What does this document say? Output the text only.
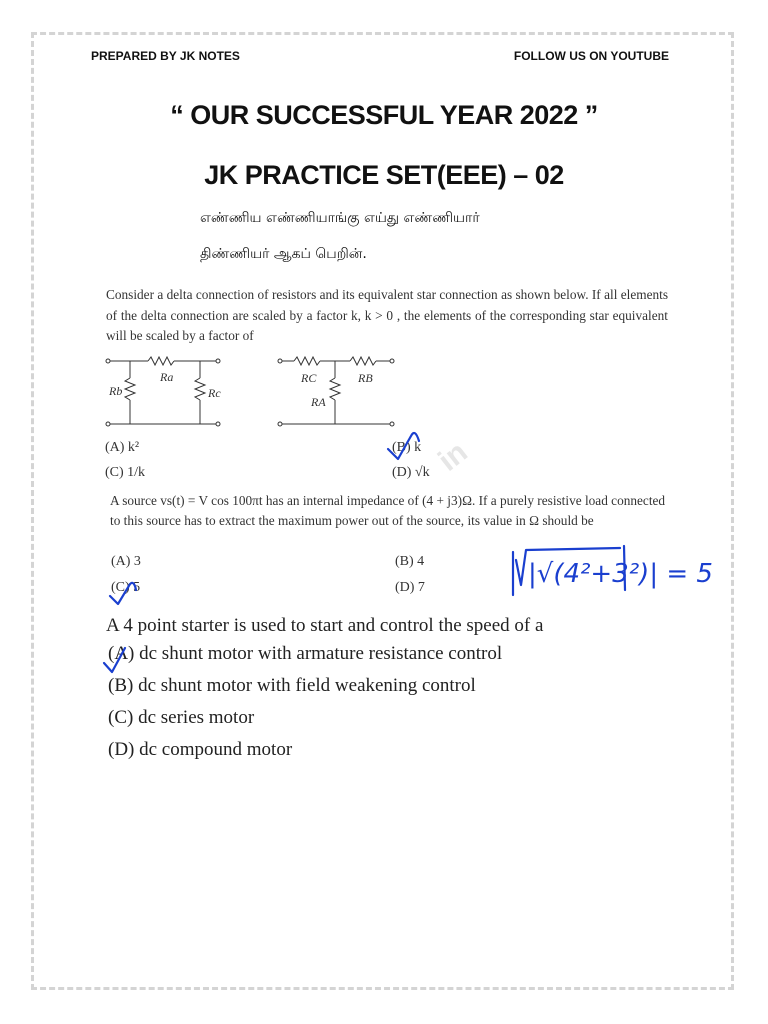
PREPARED BY JK NOTES	FOLLOW US ON YOUTUBE
“ OUR SUCCESSFUL YEAR 2022 ”
JK PRACTICE SET(EEE) – 02
எண்ணிய எண்ணியாங்கு எய்து எண்ணியார்
திண்ணியர் ஆகப் பெறின்.
in
Consider a delta connection of resistors and its equivalent star connection as shown below. If all elements of the delta connection are scaled by a factor k, k > 0 , the elements of the corresponding star equivalent will be scaled by a factor of
Ra
Rb	Rc
RC	RB
RA
(A) k²	(B) k
(C) 1/k	(D) √k
A source vs(t) = V cos 100πt has an internal impedance of (4 + j3)Ω. If a purely resistive load connected to this source has to extract the maximum power out of the source, its value in Ω should be
(A) 3	(B) 4
(C) 5	(D) 7
A 4 point starter is used to start and control the speed of a
(A) dc shunt motor with armature resistance control
(B) dc shunt motor with field weakening control
(C) dc series motor
(D) dc compound motor
|√(4²+3²)| = 5
